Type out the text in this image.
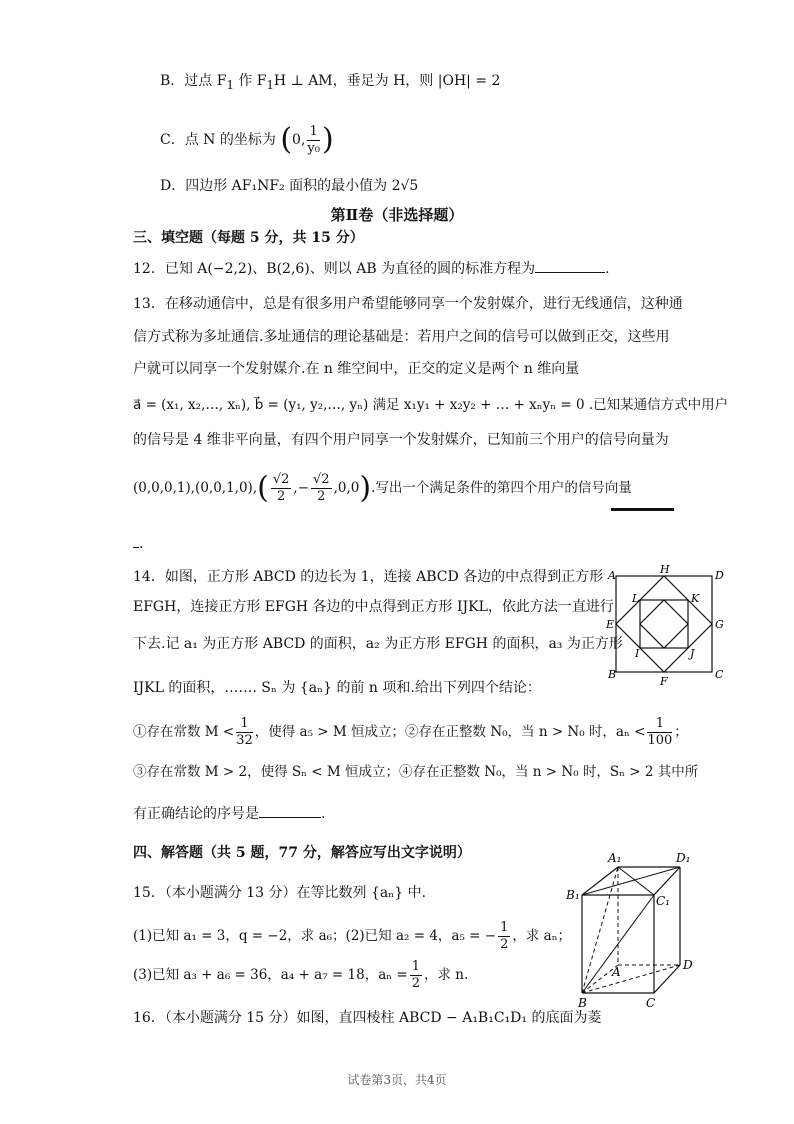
B．过点 $F_1$ 作 $F_1H$ ⊥ AM，垂足为 H，则 |OH| = 2
C．点 N 的坐标为 (0, $\frac{1}{\text{y₀}}$ )
D．四边形 AF₁NF₂ 面积的最小值为 2√5
第Ⅱ卷（非选择题）
三、填空题（每题 5 分，共 15 分）
12．已知 A(−2,2)、B(2,6)、则以 AB 为直径的圆的标准方程为	.
13．在移动通信中，总是有很多用户希望能够同享一个发射媒介，进行无线通信，这种通
信方式称为多址通信.多址通信的理论基础是：若用户之间的信号可以做到正交，这些用
户就可以同享一个发射媒介.在 n 维空间中，正交的定义是两个 n 维向量
a⃗ = (x₁, x₂,…, xₙ), b⃗ = (y₁, y₂,…, yₙ) 满足 x₁y₁ + x₂y₂ + … + xₙyₙ = 0 .已知某通信方式中用户
的信号是 4 维非平向量，有四个用户同享一个发射媒介，已知前三个用户的信号向量为
$(0,0,0,1),(0,0,1,0),( \frac{√2}{2}$ ,− $\frac{√2}{2} ,0,0$).写出一个满足条件的第四个用户的信号向量
.
14．如图，正方形 ABCD 的边长为 1，连接 ABCD 各边的中点得到正方形
EFGH，连接正方形 EFGH 各边的中点得到正方形 IJKL，依此方法一直进行
下去.记 a₁ 为正方形 ABCD 的面积，a₂ 为正方形 EFGH 的面积，a₃ 为正方形
IJKL 的面积，……. Sₙ 为 {aₙ} 的前 n 项和.给出下列四个结论：
①存在常数 $M < \frac{1}{32}$ ，使得 a₅ > M 恒成立；②存在正整数 N₀，当 n > N₀ 时，$a_n < \frac{1}{100}$ ；
③存在常数 M > 2，使得 Sₙ < M 恒成立；④存在正整数 N₀，当 n > N₀ 时，Sₙ > 2 其中所
有正确结论的序号是	.
A	H	D
L	K
E	G
I	J
B
F
C
四、解答题（共 5 题，77 分，解答应写出文字说明）
15．（本小题满分 13 分）在等比数列 {aₙ} 中.
(1)已知 a₁ = 3，q = −2，求 a₆；(2)已知 a₂ = 4，a₅ = − $\frac{1}{2}$ ，求 aₙ；
(3)已知 a₃ + a₆ = 36，a₄ + a₇ = 18，$a_n = \frac{1}{2}$ ，求 n.
16．（本小题满分 15 分）如图，直四棱柱 ABCD − A₁B₁C₁D₁ 的底面为菱
A₁	D₁
B₁	C₁
A	D
B	C
试卷第3页，共4页
